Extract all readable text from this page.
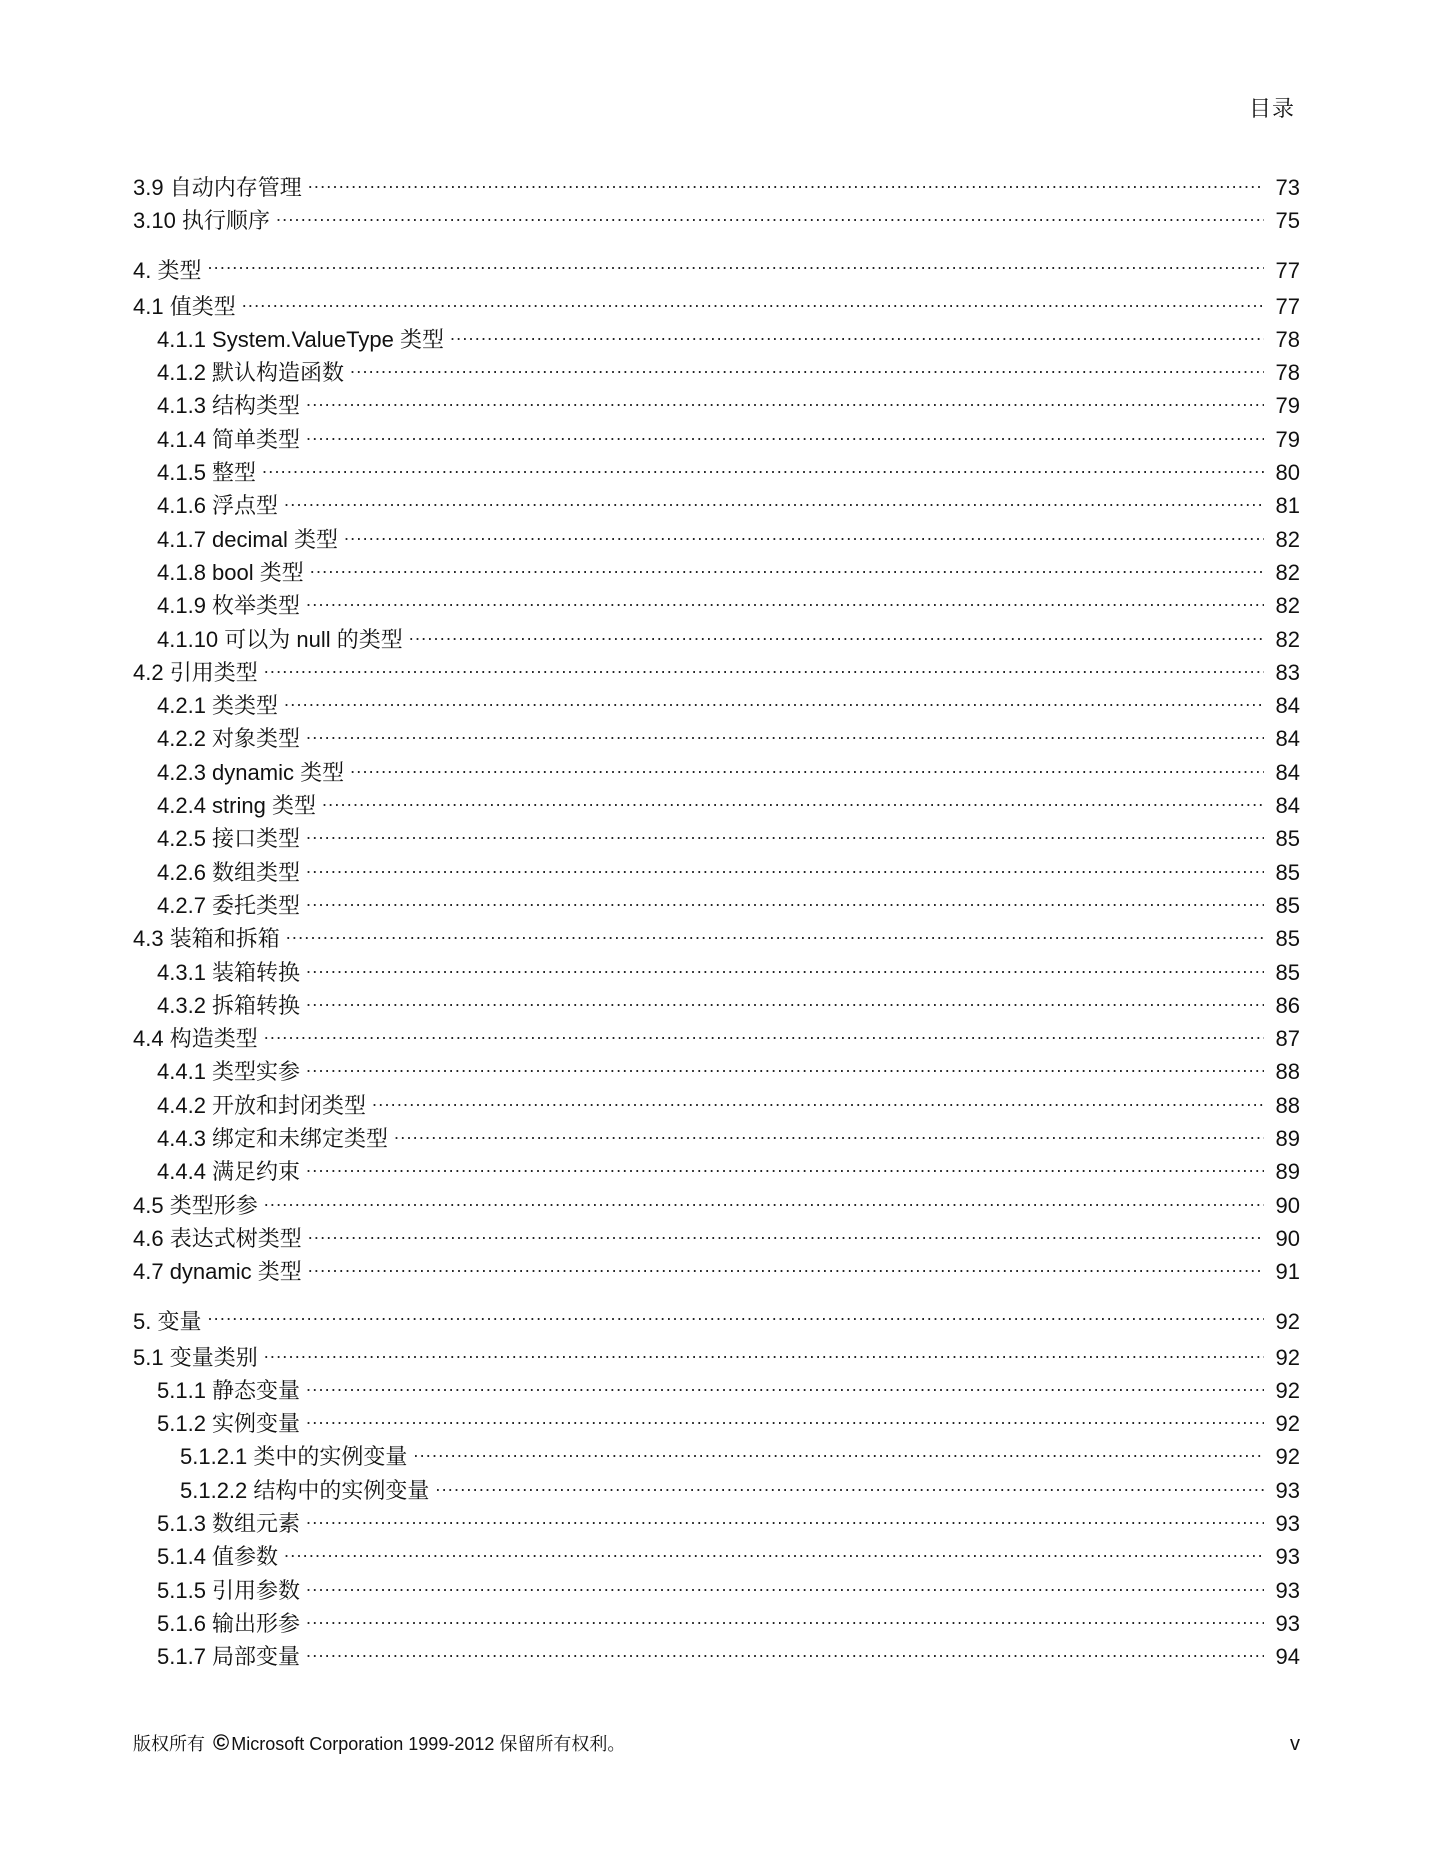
目录
3.9 自动内存管理 .....	73
3.10 执行顺序 .....	75
4. 类型 .....	77
4.1 值类型 .....	77
4.1.1 System.ValueType 类型 .....	78
4.1.2 默认构造函数 .....	78
4.1.3 结构类型 .....	79
4.1.4 简单类型 .....	79
4.1.5 整型 .....	80
4.1.6 浮点型 .....	81
4.1.7 decimal 类型 .....	82
4.1.8 bool 类型 .....	82
4.1.9 枚举类型 .....	82
4.1.10 可以为 null 的类型 .....	82
4.2 引用类型 .....	83
4.2.1 类类型 .....	84
4.2.2 对象类型 .....	84
4.2.3 dynamic 类型 .....	84
4.2.4 string 类型 .....	84
4.2.5 接口类型 .....	85
4.2.6 数组类型 .....	85
4.2.7 委托类型 .....	85
4.3 装箱和拆箱 .....	85
4.3.1 装箱转换 .....	85
4.3.2 拆箱转换 .....	86
4.4 构造类型 .....	87
4.4.1 类型实参 .....	88
4.4.2 开放和封闭类型 .....	88
4.4.3 绑定和未绑定类型 .....	89
4.4.4 满足约束 .....	89
4.5 类型形参 .....	90
4.6 表达式树类型 .....	90
4.7 dynamic 类型 .....	91
5. 变量 .....	92
5.1 变量类别 .....	92
5.1.1 静态变量 .....	92
5.1.2 实例变量 .....	92
5.1.2.1 类中的实例变量 .....	92
5.1.2.2 结构中的实例变量 .....	93
5.1.3 数组元素 .....	93
5.1.4 值参数 .....	93
5.1.5 引用参数 .....	93
5.1.6 输出形参 .....	93
5.1.7 局部变量 .....	94
版权所有 © Microsoft Corporation 1999-2012 保留所有权利。	v
